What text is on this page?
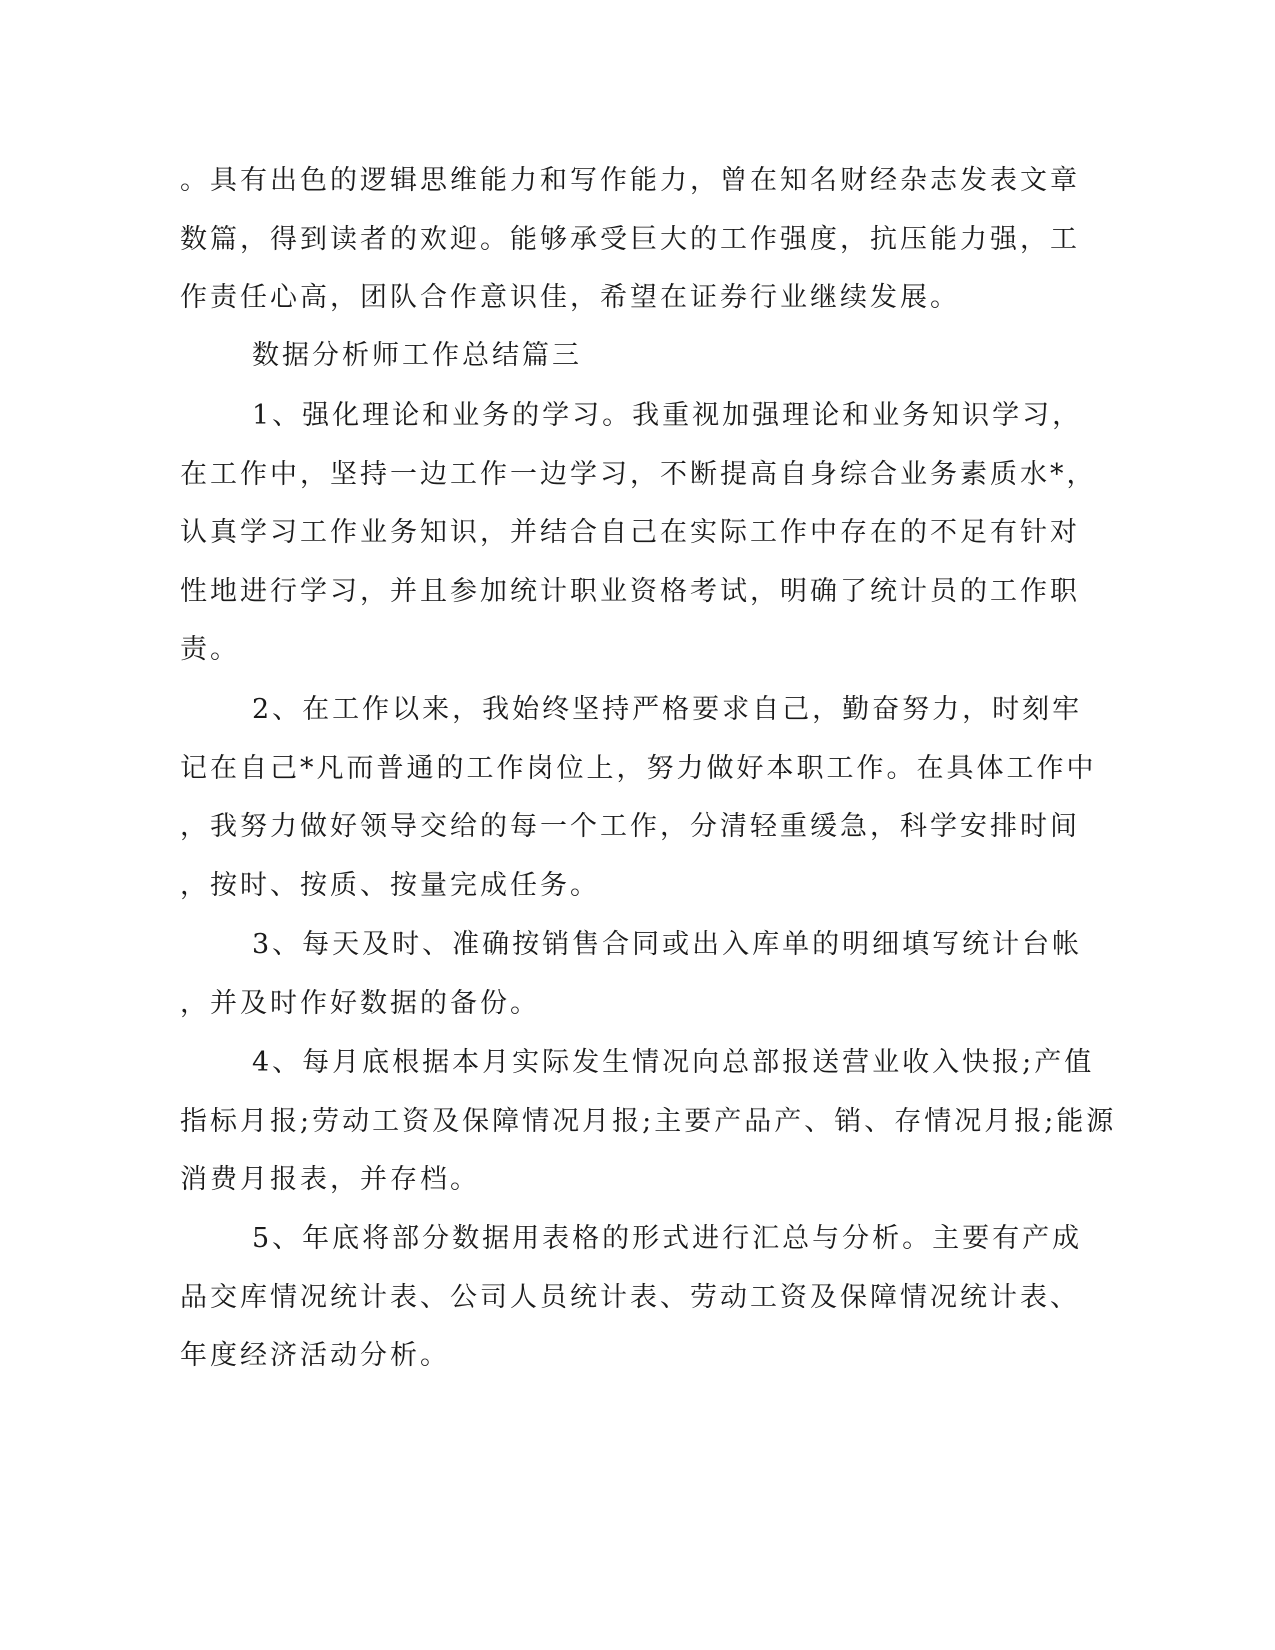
。具有出色的逻辑思维能力和写作能力，曾在知名财经杂志发表文章
数篇，得到读者的欢迎。能够承受巨大的工作强度，抗压能力强，工
作责任心高，团队合作意识佳，希望在证券行业继续发展。
数据分析师工作总结篇三
1、强化理论和业务的学习。我重视加强理论和业务知识学习，
在工作中，坚持一边工作一边学习，不断提高自身综合业务素质水*，
认真学习工作业务知识，并结合自己在实际工作中存在的不足有针对
性地进行学习，并且参加统计职业资格考试，明确了统计员的工作职
责。
2、在工作以来，我始终坚持严格要求自己，勤奋努力，时刻牢
记在自己*凡而普通的工作岗位上，努力做好本职工作。在具体工作中
，我努力做好领导交给的每一个工作，分清轻重缓急，科学安排时间
，按时、按质、按量完成任务。
3、每天及时、准确按销售合同或出入库单的明细填写统计台帐
，并及时作好数据的备份。
4、每月底根据本月实际发生情况向总部报送营业收入快报;产值
指标月报;劳动工资及保障情况月报;主要产品产、销、存情况月报;能源
消费月报表，并存档。
5、年底将部分数据用表格的形式进行汇总与分析。主要有产成
品交库情况统计表、公司人员统计表、劳动工资及保障情况统计表、
年度经济活动分析。
